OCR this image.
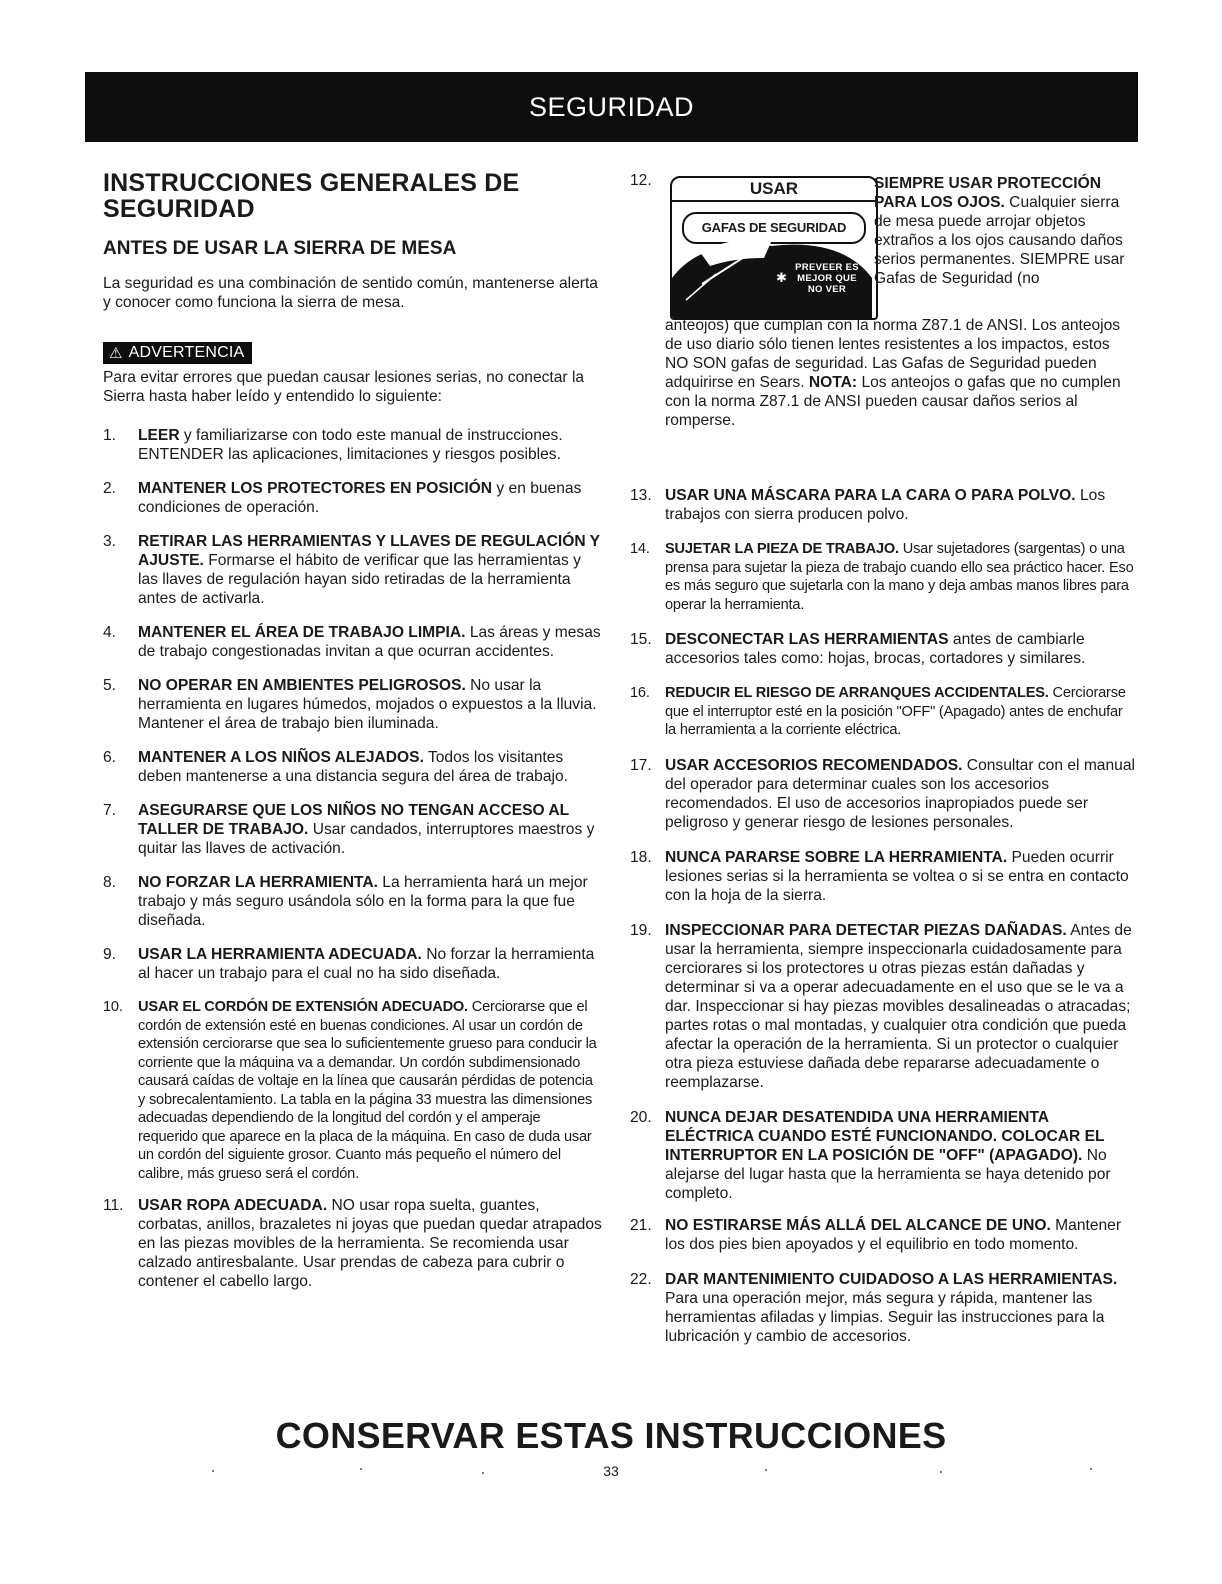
SEGURIDAD
INSTRUCCIONES GENERALES DE SEGURIDAD
ANTES DE USAR LA SIERRA DE MESA

La seguridad es una combinación de sentido común, mantenerse alerta y conocer como funciona la sierra de mesa.

⚠ ADVERTENCIA

Para evitar errores que puedan causar lesiones serias, no conectar la Sierra hasta haber leído y entendido lo siguiente:

1. LEER y familiarizarse con todo este manual de instrucciones. ENTENDER las aplicaciones, limitaciones y riesgos posibles.
2. MANTENER LOS PROTECTORES EN POSICIÓN y en buenas condiciones de operación.
3. RETIRAR LAS HERRAMIENTAS Y LLAVES DE REGULACIÓN Y AJUSTE. Formarse el hábito de verificar que las herramientas y las llaves de regulación hayan sido retiradas de la herramienta antes de activarla.
4. MANTENER EL ÁREA DE TRABAJO LIMPIA. Las áreas y mesas de trabajo congestionadas invitan a que ocurran accidentes.
5. NO OPERAR EN AMBIENTES PELIGROSOS. No usar la herramienta en lugares húmedos, mojados o expuestos a la lluvia. Mantener el área de trabajo bien iluminada.
6. MANTENER A LOS NIÑOS ALEJADOS. Todos los visitantes deben mantenerse a una distancia segura del área de trabajo.
7. ASEGURARSE QUE LOS NIÑOS NO TENGAN ACCESO AL TALLER DE TRABAJO. Usar candados, interruptores maestros y quitar las llaves de activación.
8. NO FORZAR LA HERRAMIENTA. La herramienta hará un mejor trabajo y más seguro usándola sólo en la forma para la que fue diseñada.
9. USAR LA HERRAMIENTA ADECUADA. No forzar la herramienta al hacer un trabajo para el cual no ha sido diseñada.
10. USAR EL CORDÓN DE EXTENSIÓN ADECUADO. Cerciorarse que el cordón de extensión esté en buenas condiciones. Al usar un cordón de extensión cerciorarse que sea lo suficientemente grueso para conducir la corriente que la máquina va a demandar. Un cordón subdimensionado causará caídas de voltaje en la línea que causarán pérdidas de potencia y sobrecalentamiento. La tabla en la página 33 muestra las dimensiones adecuadas dependiendo de la longitud del cordón y el amperaje requerido que aparece en la placa de la máquina. En caso de duda usar un cordón del siguiente grosor. Cuanto más pequeño el número del calibre, más grueso será el cordón.
11. USAR ROPA ADECUADA. NO usar ropa suelta, guantes, corbatas, anillos, brazaletes ni joyas que puedan quedar atrapados en las piezas movibles de la herramienta. Se recomienda usar calzado antiresbalante. Usar prendas de cabeza para cubrir o contener el cabello largo.
12.	USAR
GAFAS DE SEGURIDAD
✱
PREVEER ES MEJOR QUE NO VER
SIEMPRE USAR PROTECCIÓN PARA LOS OJOS. Cualquier sierra de mesa puede arrojar objetos extraños a los ojos causando daños serios permanentes. SIEMPRE usar Gafas de Seguridad (no
anteojos) que cumplan con la norma Z87.1 de ANSI. Los anteojos de uso diario sólo tienen lentes resistentes a los impactos, estos NO SON gafas de seguridad. Las Gafas de Seguridad pueden adquirirse en Sears. NOTA: Los anteojos o gafas que no cumplen con la norma Z87.1 de ANSI pueden causar daños serios al romperse.
13. USAR UNA MÁSCARA PARA LA CARA O PARA POLVO. Los trabajos con sierra producen polvo.
14. SUJETAR LA PIEZA DE TRABAJO. Usar sujetadores (sargentas) o una prensa para sujetar la pieza de trabajo cuando ello sea práctico hacer. Eso es más seguro que sujetarla con la mano y deja ambas manos libres para operar la herramienta.
15. DESCONECTAR LAS HERRAMIENTAS antes de cambiarle accesorios tales como: hojas, brocas, cortadores y similares.
16. REDUCIR EL RIESGO DE ARRANQUES ACCIDENTALES. Cerciorarse que el interruptor esté en la posición "OFF" (Apagado) antes de enchufar la herramienta a la corriente eléctrica.
17. USAR ACCESORIOS RECOMENDADOS. Consultar con el manual del operador para determinar cuales son los accesorios recomendados. El uso de accesorios inapropiados puede ser peligroso y generar riesgo de lesiones personales.
18. NUNCA PARARSE SOBRE LA HERRAMIENTA. Pueden ocurrir lesiones serias si la herramienta se voltea o si se entra en contacto con la hoja de la sierra.
19. INSPECCIONAR PARA DETECTAR PIEZAS DAÑADAS. Antes de usar la herramienta, siempre inspeccionarla cuidadosamente para cerciorares si los protectores u otras piezas están dañadas y determinar si va a operar adecuadamente en el uso que se le va a dar. Inspeccionar si hay piezas movibles desalineadas o atracadas; partes rotas o mal montadas, y cualquier otra condición que pueda afectar la operación de la herramienta. Si un protector o cualquier otra pieza estuviese dañada debe repararse adecuadamente o reemplazarse.
20. NUNCA DEJAR DESATENDIDA UNA HERRAMIENTA ELÉCTRICA CUANDO ESTÉ FUNCIONANDO. COLOCAR EL INTERRUPTOR EN LA POSICIÓN DE "OFF" (APAGADO). No alejarse del lugar hasta que la herramienta se haya detenido por completo.
21. NO ESTIRARSE MÁS ALLÁ DEL ALCANCE DE UNO. Mantener los dos pies bien apoyados y el equilibrio en todo momento.
22. DAR MANTENIMIENTO CUIDADOSO A LAS HERRAMIENTAS. Para una operación mejor, más segura y rápida, mantener las herramientas afiladas y limpias. Seguir las instrucciones para la lubricación y cambio de accesorios.
CONSERVAR ESTAS INSTRUCCIONES
33
